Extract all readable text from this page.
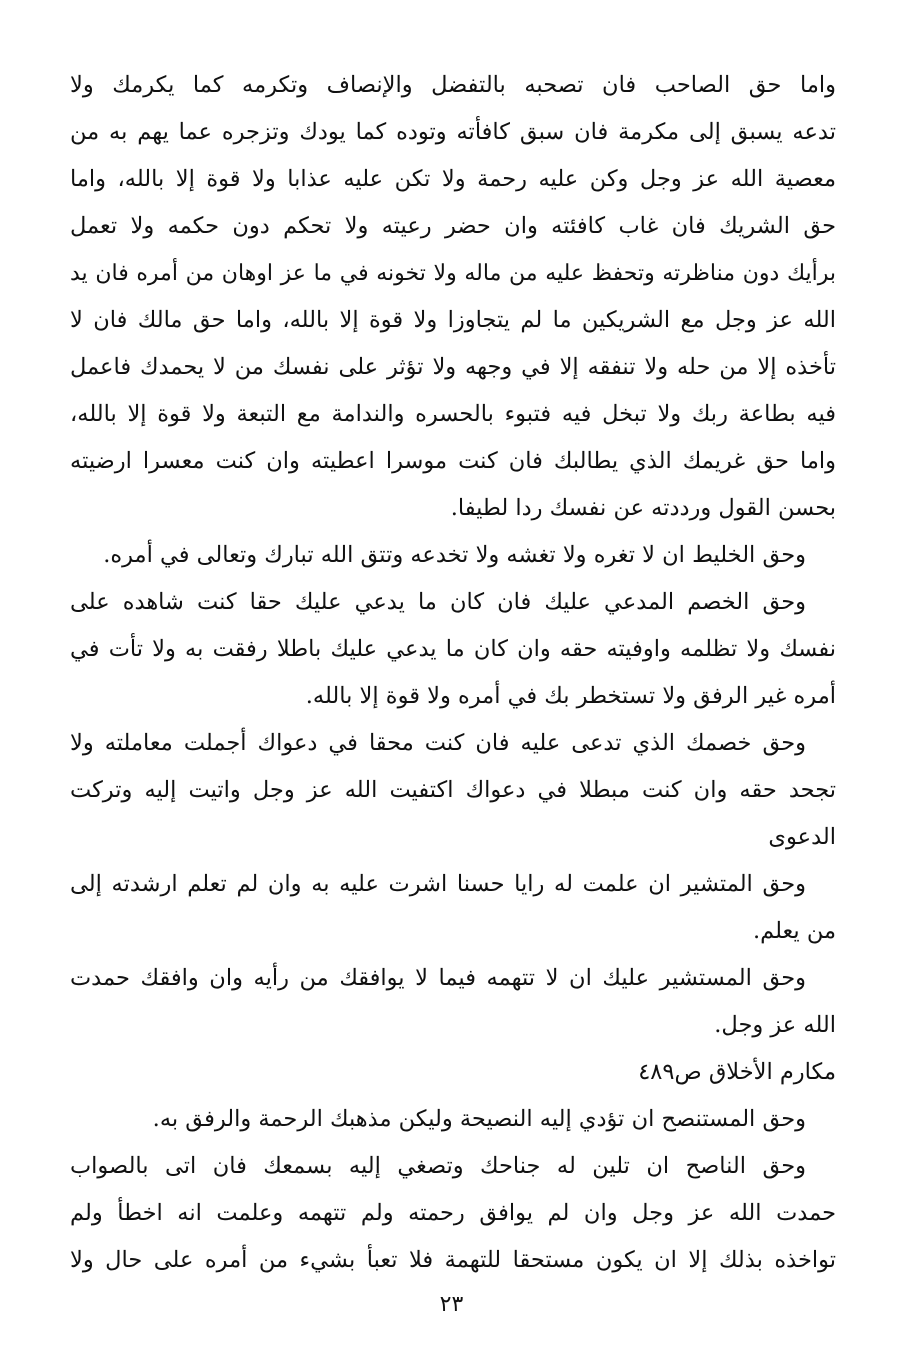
واما حق الصاحب فان تصحبه بالتفضل والإنصاف وتكرمه كما يكرمك ولا
تدعه يسبق إلى مكرمة فان سبق كافأته وتوده كما يودك وتزجره عما يهم به من
معصية الله عز وجل وكن عليه رحمة ولا تكن عليه عذابا ولا قوة إلا بالله، واما
حق الشريك فان غاب كافئته وان حضر رعيته ولا تحكم دون حكمه ولا تعمل
برأيك دون مناظرته وتحفظ عليه من ماله ولا تخونه في ما عز اوهان من أمره فان يد
الله عز وجل مع الشريكين ما لم يتجاوزا ولا قوة إلا بالله، واما حق مالك فان لا
تأخذه إلا من حله ولا تنفقه إلا في وجهه ولا تؤثر على نفسك من لا يحمدك فاعمل
فيه بطاعة ربك ولا تبخل فيه فتبوء بالحسره والندامة مع التبعة ولا قوة إلا بالله،
واما حق غريمك الذي يطالبك فان كنت موسرا اعطيته وان كنت معسرا ارضيته
بحسن القول ورددته عن نفسك ردا لطيفا.
وحق الخليط ان لا تغره ولا تغشه ولا تخدعه وتتق الله تبارك وتعالى في أمره.
وحق الخصم المدعي عليك فان كان ما يدعي عليك حقا كنت شاهده على
نفسك ولا تظلمه واوفيته حقه وان كان ما يدعي عليك باطلا رفقت به ولا تأت في
أمره غير الرفق ولا تستخطر بك في أمره ولا قوة إلا بالله.
وحق خصمك الذي تدعى عليه فان كنت محقا في دعواك أجملت معاملته ولا
تجحد حقه وان كنت مبطلا في دعواك اكتفيت الله عز وجل واتيت إليه وتركت
الدعوى
وحق المتشير ان علمت له رايا حسنا اشرت عليه به وان لم تعلم ارشدته إلى
من يعلم.
وحق المستشير عليك ان لا تتهمه فيما لا يوافقك من رأيه وان وافقك حمدت
الله عز وجل.
مكارم الأخلاق ص٤٨٩
وحق المستنصح ان تؤدي إليه النصيحة وليكن مذهبك الرحمة والرفق به.
وحق الناصح ان تلين له جناحك وتصغي إليه بسمعك فان اتى بالصواب
حمدت الله عز وجل وان لم يوافق رحمته ولم تتهمه وعلمت انه اخطأ ولم
تواخذه بذلك إلا ان يكون مستحقا للتهمة فلا تعبأ بشيء من أمره على حال ولا
٢٣
